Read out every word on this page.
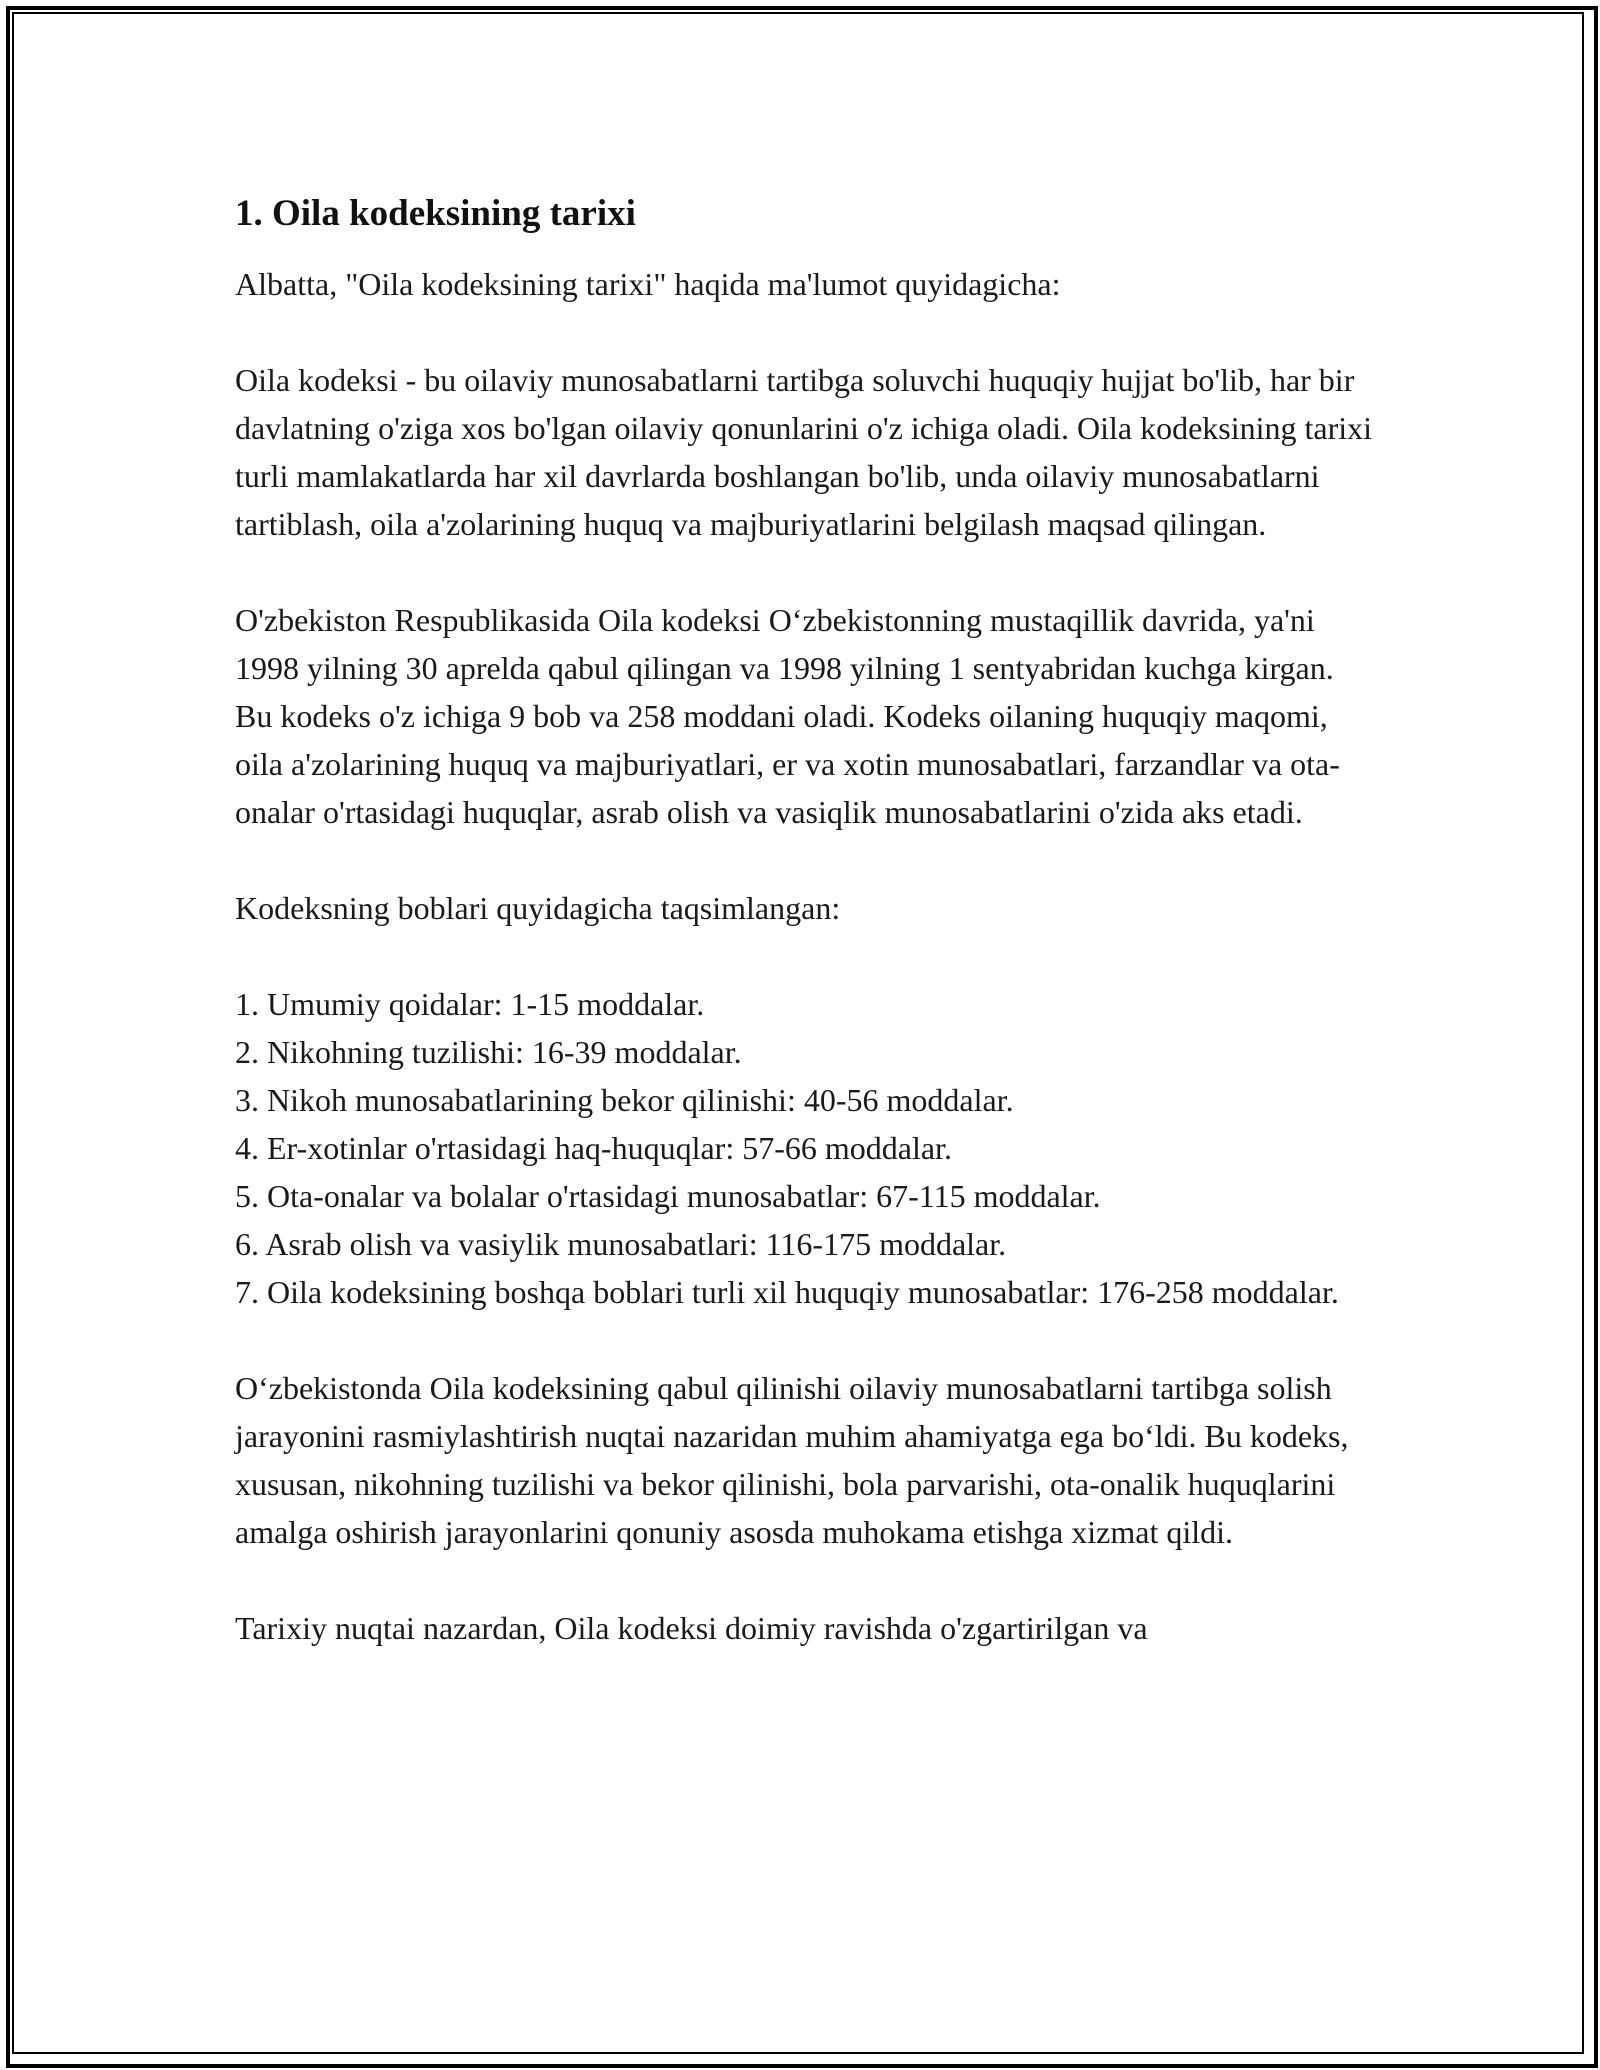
1. Oila kodeksining tarixi

Albatta, "Oila kodeksining tarixi" haqida ma'lumot quyidagicha:

Oila kodeksi - bu oilaviy munosabatlarni tartibga soluvchi huquqiy hujjat bo'lib, har bir davlatning o'ziga xos bo'lgan oilaviy qonunlarini o'z ichiga oladi. Oila kodeksining tarixi turli mamlakatlarda har xil davrlarda boshlangan bo'lib, unda oilaviy munosabatlarni tartiblash, oila a'zolarining huquq va majburiyatlarini belgilash maqsad qilingan.

O'zbekiston Respublikasida Oila kodeksi O‘zbekistonning mustaqillik davrida, ya'ni 1998 yilning 30 aprelda qabul qilingan va 1998 yilning 1 sentyabridan kuchga kirgan. Bu kodeks o'z ichiga 9 bob va 258 moddani oladi. Kodeks oilaning huquqiy maqomi, oila a'zolarining huquq va majburiyatlari, er va xotin munosabatlari, farzandlar va ota-onalar o'rtasidagi huquqlar, asrab olish va vasiqlik munosabatlarini o'zida aks etadi.

Kodeksning boblari quyidagicha taqsimlangan:

1. Umumiy qoidalar: 1-15 moddalar.
2. Nikohning tuzilishi: 16-39 moddalar.
3. Nikoh munosabatlarining bekor qilinishi: 40-56 moddalar.
4. Er-xotinlar o'rtasidagi haq-huquqlar: 57-66 moddalar.
5. Ota-onalar va bolalar o'rtasidagi munosabatlar: 67-115 moddalar.
6. Asrab olish va vasiylik munosabatlari: 116-175 moddalar.
7. Oila kodeksining boshqa boblari turli xil huquqiy munosabatlar: 176-258 moddalar.

O‘zbekistonda Oila kodeksining qabul qilinishi oilaviy munosabatlarni tartibga solish jarayonini rasmiylashtirish nuqtai nazaridan muhim ahamiyatga ega bo‘ldi. Bu kodeks, xususan, nikohning tuzilishi va bekor qilinishi, bola parvarishi, ota-onalik huquqlarini amalga oshirish jarayonlarini qonuniy asosda muhokama etishga xizmat qildi.

Tarixiy nuqtai nazardan, Oila kodeksi doimiy ravishda o'zgartirilgan va
